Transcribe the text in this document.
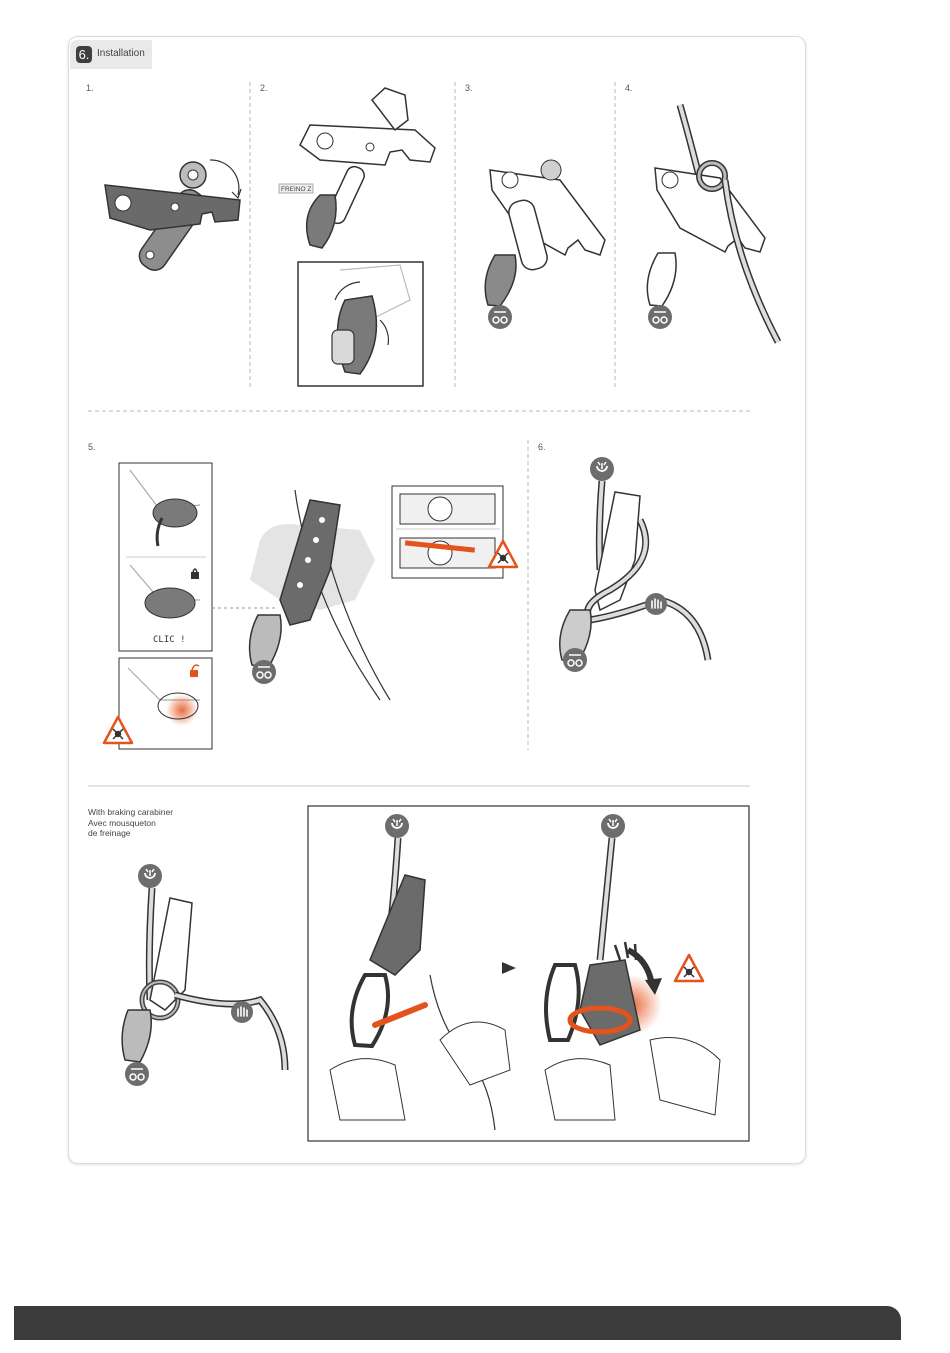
6. Installation
1.	2.	3.	4.
5.	6.
With braking carabiner
Avec mousqueton
de freinage
FREINO Z
CLIC !
